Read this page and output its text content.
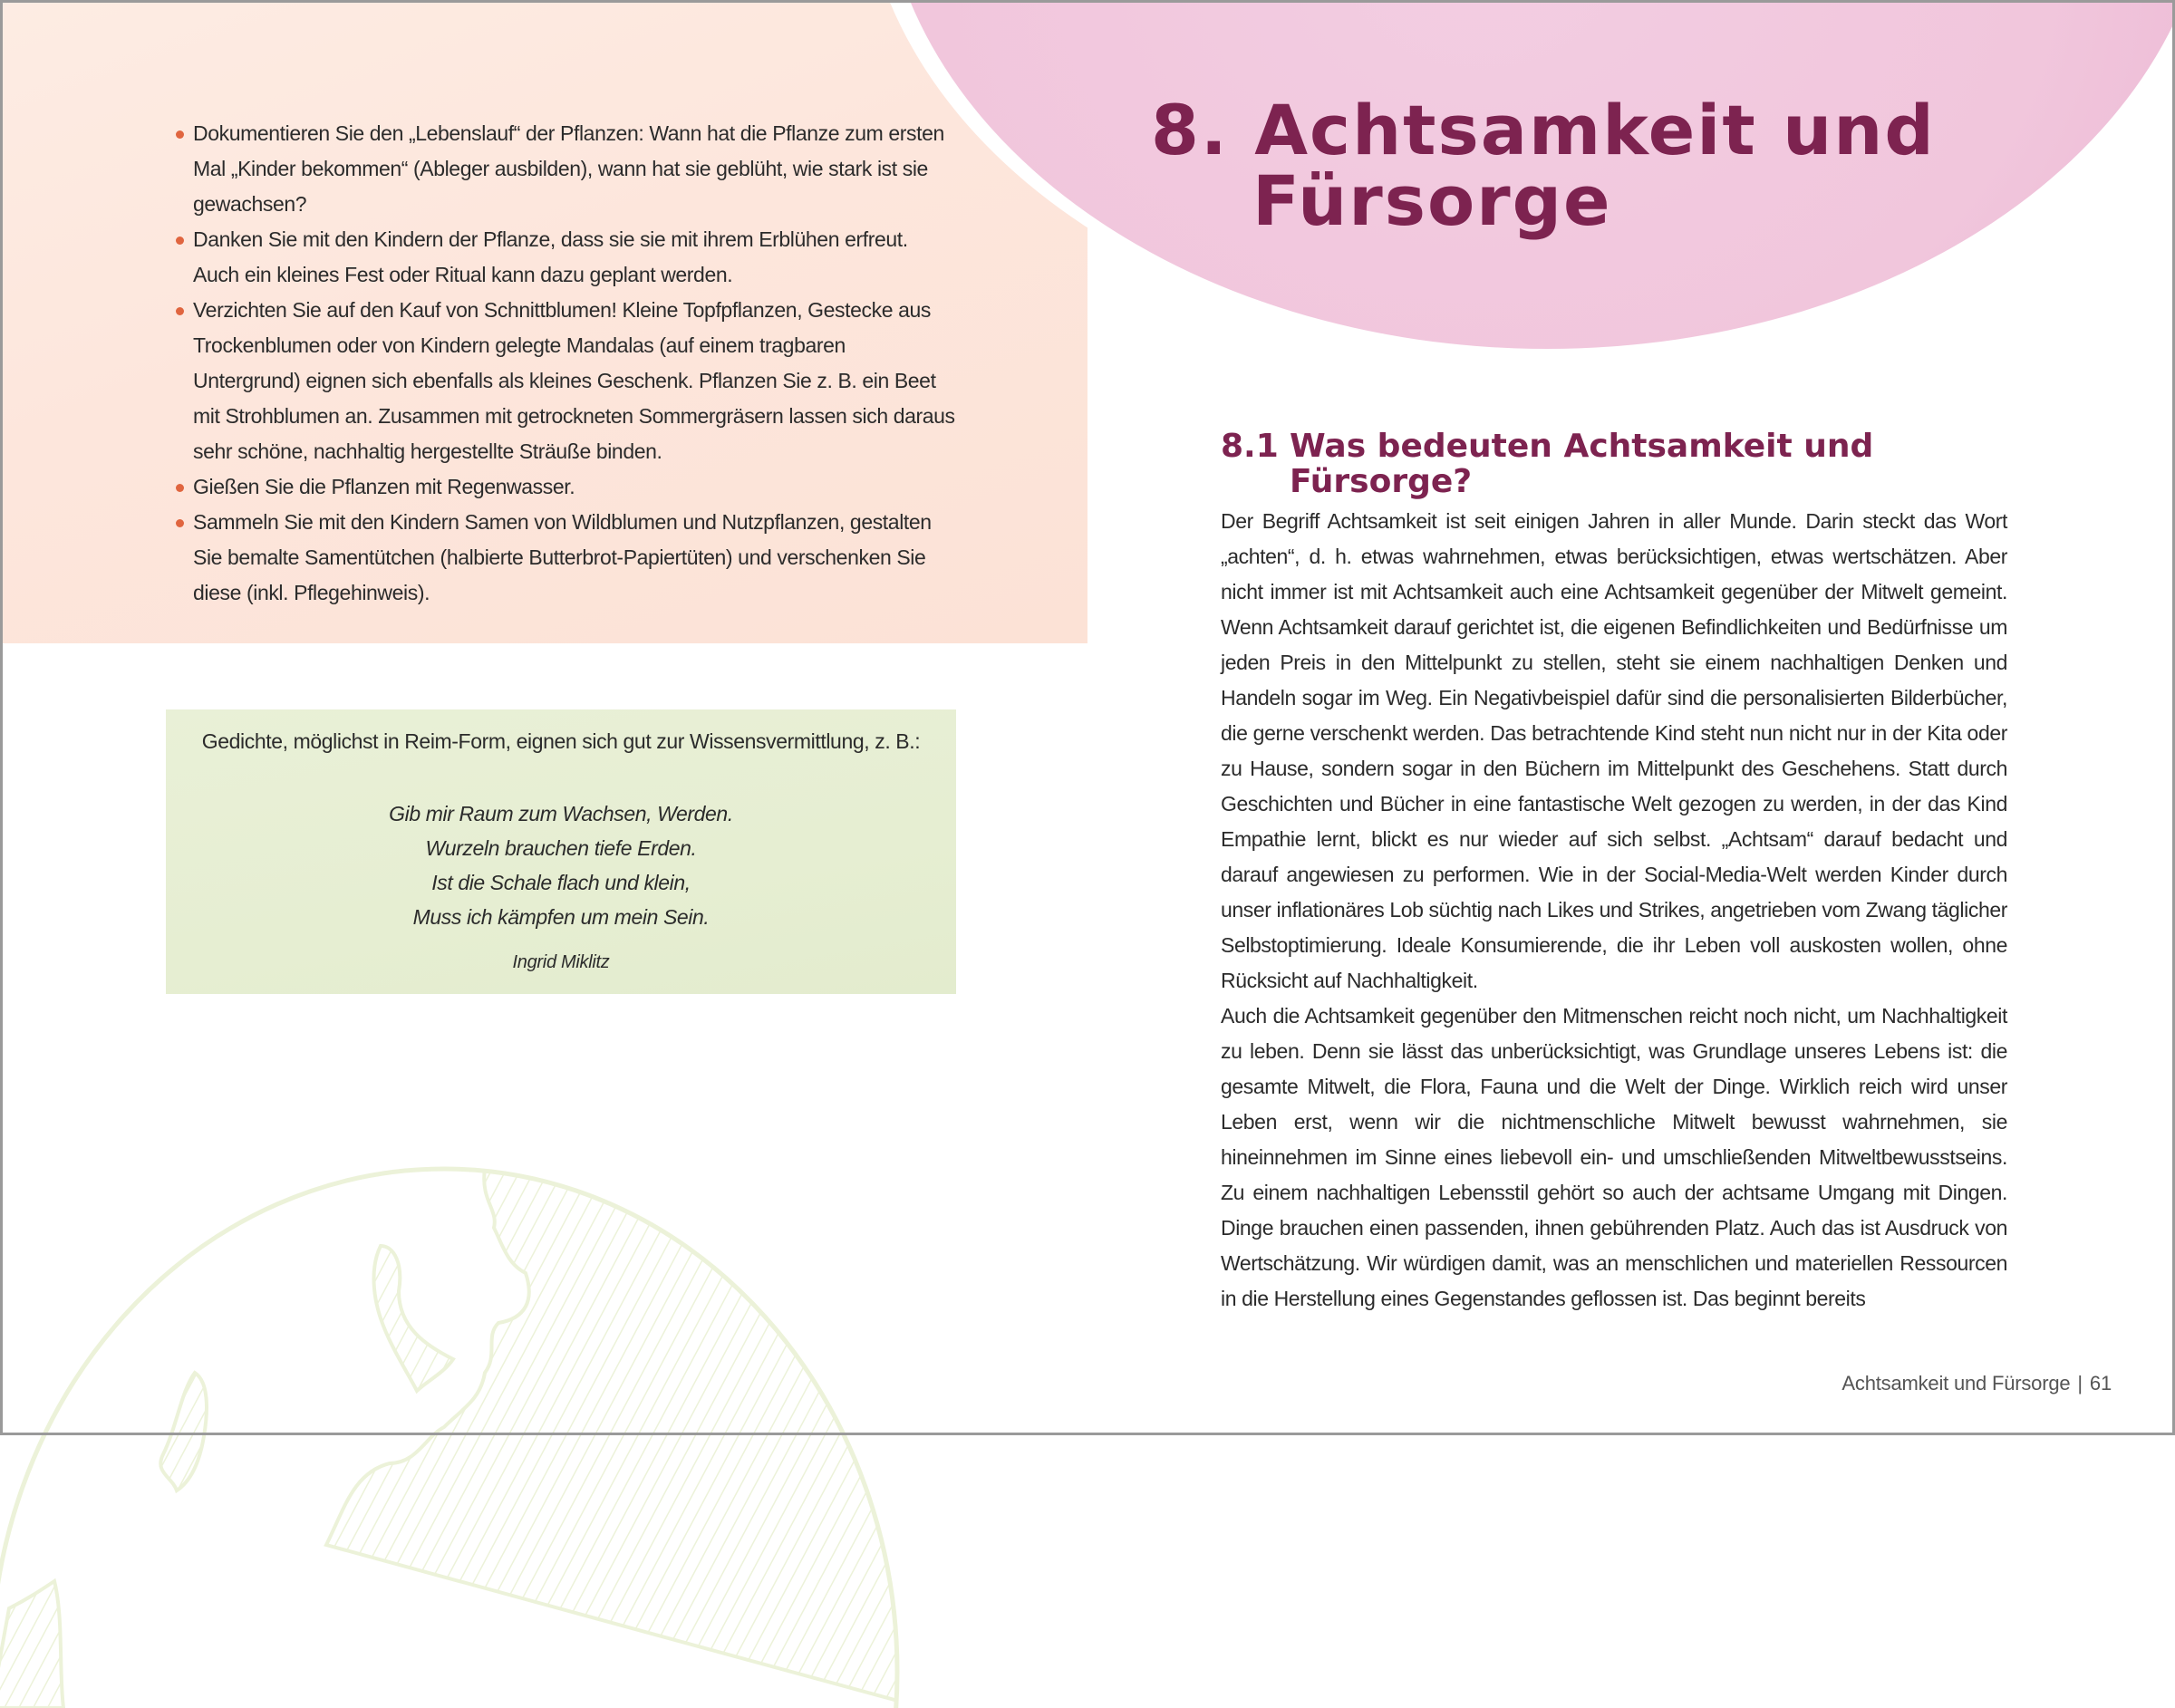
Dokumentieren Sie den „Lebenslauf“ der Pflanzen: Wann hat die Pflanze zum ersten Mal „Kinder bekommen“ (Ableger ausbilden), wann hat sie geblüht, wie stark ist sie gewachsen?
Danken Sie mit den Kindern der Pflanze, dass sie sie mit ihrem Erblühen erfreut. Auch ein kleines Fest oder Ritual kann dazu geplant werden.
Verzichten Sie auf den Kauf von Schnittblumen! Kleine Topfpflanzen, Gestecke aus Trockenblumen oder von Kindern gelegte Mandalas (auf einem tragbaren Untergrund) eignen sich ebenfalls als kleines Geschenk. Pflanzen Sie z. B. ein Beet mit Strohblumen an. Zusammen mit getrockneten Sommergräsern lassen sich daraus sehr schöne, nachhaltig hergestellte Sträuße binden.
Gießen Sie die Pflanzen mit Regenwasser.
Sammeln Sie mit den Kindern Samen von Wildblumen und Nutzpflanzen, gestalten Sie bemalte Samentütchen (halbierte Butterbrot-Papiertüten) und verschenken Sie diese (inkl. Pflegehinweis).
Gedichte, möglichst in Reim-Form, eignen sich gut zur Wissensvermittlung, z. B.:
Gib mir Raum zum Wachsen, Werden.
Wurzeln brauchen tiefe Erden.
Ist die Schale flach und klein,
Muss ich kämpfen um mein Sein.
Ingrid Miklitz
8. Achtsamkeit und
Fürsorge
8.1 Was bedeuten Achtsamkeit und
Fürsorge?

Der Begriff Achtsamkeit ist seit einigen Jahren in aller Munde. Darin steckt das Wort „achten“, d. h. etwas wahrnehmen, etwas berücksichtigen, etwas wertschätzen. Aber nicht immer ist mit Achtsamkeit auch eine Achtsamkeit gegenüber der Mitwelt gemeint. Wenn Achtsamkeit darauf gerichtet ist, die eigenen Befindlichkeiten und Bedürfnisse um jeden Preis in den Mittelpunkt zu stellen, steht sie einem nachhaltigen Denken und Handeln sogar im Weg. Ein Negativbeispiel dafür sind die personalisierten Bilderbücher, die gerne verschenkt werden. Das betrachtende Kind steht nun nicht nur in der Kita oder zu Hause, sondern sogar in den Büchern im Mittelpunkt des Geschehens. Statt durch Geschichten und Bücher in eine fantastische Welt gezogen zu werden, in der das Kind Empathie lernt, blickt es nur wieder auf sich selbst. „Achtsam“ darauf bedacht und darauf angewiesen zu performen. Wie in der Social-Media-Welt werden Kinder durch unser inflationäres Lob süchtig nach Likes und Strikes, angetrieben vom Zwang täglicher Selbstoptimierung. Ideale Konsumierende, die ihr Leben voll auskosten wollen, ohne Rücksicht auf Nachhaltigkeit.

Auch die Achtsamkeit gegenüber den Mitmenschen reicht noch nicht, um Nachhaltigkeit zu leben. Denn sie lässt das unberücksichtigt, was Grundlage unseres Lebens ist: die gesamte Mitwelt, die Flora, Fauna und die Welt der Dinge. Wirklich reich wird unser Leben erst, wenn wir die nichtmenschliche Mitwelt bewusst wahrnehmen, sie hineinnehmen im Sinne eines liebevoll ein- und umschließenden Mitweltbewusstseins. Zu einem nachhaltigen Lebensstil gehört so auch der achtsame Umgang mit Dingen. Dinge brauchen einen passenden, ihnen gebührenden Platz. Auch das ist Ausdruck von Wertschätzung. Wir würdigen damit, was an menschlichen und materiellen Ressourcen in die Herstellung eines Gegenstandes geflossen ist. Das beginnt bereits

Achtsamkeit und Fürsorge | 61
